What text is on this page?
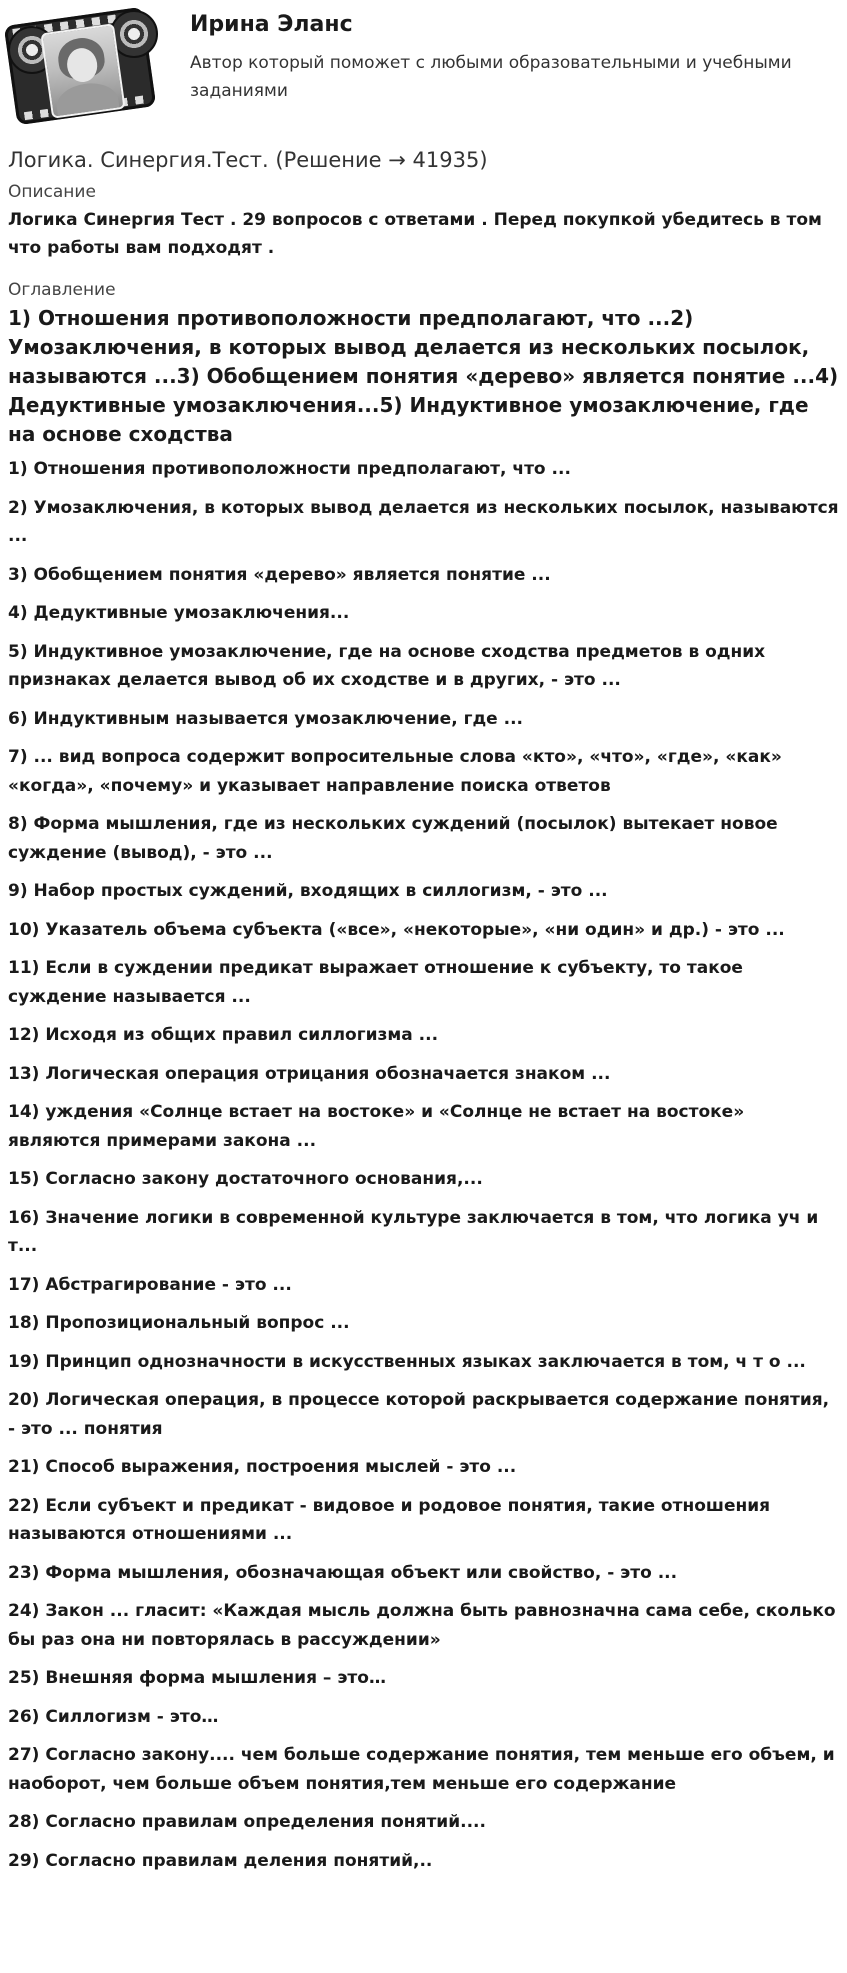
Ирина Эланс
Автор который поможет с любыми образовательными и учебными заданиями
Логика. Синергия.Тест. (Решение → 41935)
Описание
Логика Синергия Тест . 29 вопросов с ответами . Перед покупкой убедитесь в том что работы вам подходят .
Оглавление
1) Отношения противоположности предполагают, что ...2) Умозаключения, в которых вывод делается из нескольких посылок, называются ...3) Обобщением понятия «дерево» является понятие ...4) Дедуктивные умозаключения...5) Индуктивное умозаключение, где на основе сходства
1) Отношения противоположности предполагают, что ...
2) Умозаключения, в которых вывод делается из нескольких посылок, называются ...
3) Обобщением понятия «дерево» является понятие ...
4) Дедуктивные умозаключения...
5) Индуктивное умозаключение, где на основе сходства предметов в одних признаках делается вывод об их сходстве и в других, - это ...
6) Индуктивным называется умозаключение, где ...
7) ... вид вопроса содержит вопросительные слова «кто», «что», «где», «как» «когда», «почему» и указывает направление поиска ответов
8) Форма мышления, где из нескольких суждений (посылок) вытекает новое суждение (вывод), - это ...
9) Набор простых суждений, входящих в силлогизм, - это ...
10) Указатель объема субъекта («все», «некоторые», «ни один» и др.) - это ...
11) Если в суждении предикат выражает отношение к субъекту, то такое суждение называется ...
12) Исходя из общих правил силлогизма ...
13) Логическая операция отрицания обозначается знаком ...
14) уждения «Солнце встает на востоке» и «Солнце не встает на востоке» являются примерами закона ...
15) Согласно закону достаточного основания,...
16) Значение логики в современной культуре заключается в том, что логика уч и т...
17) Абстрагирование - это ...
18) Пропозициональный вопрос ...
19) Принцип однозначности в искусственных языках заключается в том, ч т о ...
20) Логическая операция, в процессе которой раскрывается содержание понятия, - это ... понятия
21) Способ выражения, построения мыслей - это ...
22) Если субъект и предикат - видовое и родовое понятия, такие отношения называются отношениями ...
23) Форма мышления, обозначающая объект или свойство, - это ...
24) Закон ... гласит: «Каждая мысль должна быть равнозначна сама себе, сколько бы раз она ни повторялась в рассуждении»
25) Внешняя форма мышления – это…
26) Силлогизм - это…
27) Согласно закону.... чем больше содержание понятия, тем меньше его объем, и наоборот, чем больше объем понятия,тем меньше его содержание
28) Согласно правилам определения понятий....
29) Согласно правилам деления понятий,..
